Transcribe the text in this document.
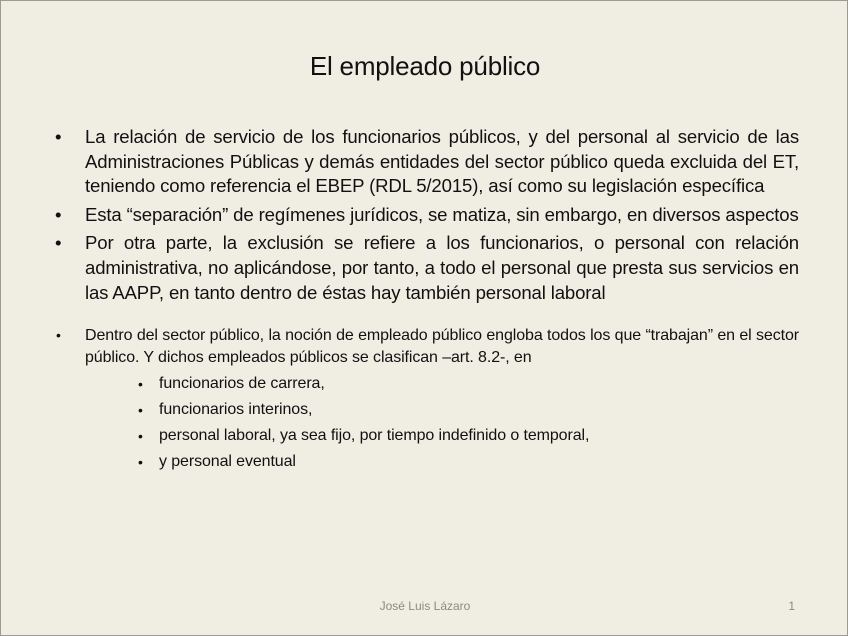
El empleado público
• La relación de servicio de los funcionarios públicos, y del personal al servicio de las Administraciones Públicas y demás entidades del sector público queda excluida del ET, teniendo como referencia el EBEP (RDL 5/2015), así como su legislación específica
• Esta “separación” de regímenes jurídicos, se matiza, sin embargo, en diversos aspectos
• Por otra parte, la exclusión se refiere a los funcionarios, o personal con relación administrativa, no aplicándose, por tanto, a todo el personal que presta sus servicios en las AAPP, en tanto dentro de éstas hay también personal laboral
• Dentro del sector público, la noción de empleado público engloba todos los que “trabajan” en el sector público. Y dichos empleados públicos se clasifican –art. 8.2-, en
• funcionarios de carrera,
• funcionarios interinos,
• personal laboral, ya sea fijo, por tiempo indefinido o temporal,
• y personal eventual
José Luis Lázaro	1
